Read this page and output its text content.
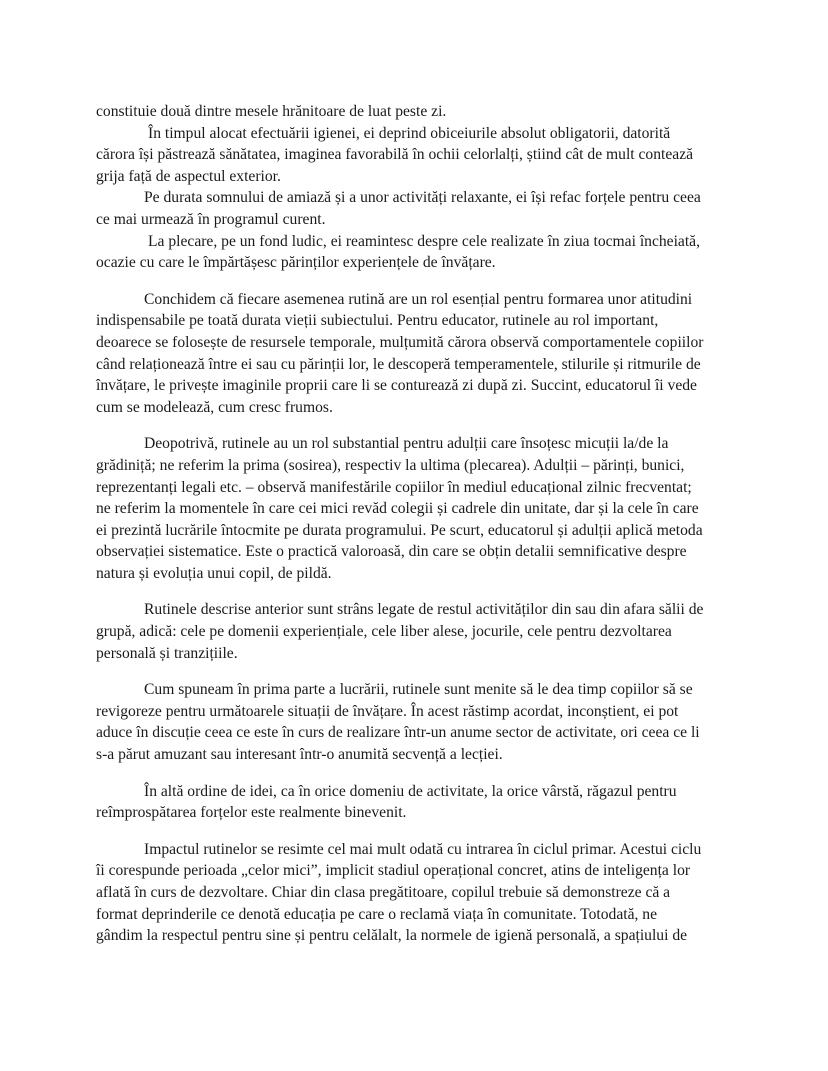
constituie două dintre mesele hrănitoare de luat peste zi.

În timpul alocat efectuării igienei, ei deprind obiceiurile absolut obligatorii, datorită
cărora își păstrează sănătatea, imaginea favorabilă în ochii celorlalți, știind cât de mult contează
grija față de aspectul exterior.

Pe durata somnului de amiază și a unor activități relaxante, ei își refac forțele pentru ceea
ce mai urmează în programul curent.

La plecare, pe un fond ludic, ei reamintesc despre cele realizate în ziua tocmai încheiată,
ocazie cu care le împărtășesc părinților experiențele de învățare.

Conchidem că fiecare asemenea rutină are un rol esențial pentru formarea unor atitudini
indispensabile pe toată durata vieții subiectului. Pentru educator, rutinele au rol important,
deoarece se folosește de resursele temporale, mulțumită cărora observă comportamentele copiilor
când relaționează între ei sau cu părinții lor, le descoperă temperamentele, stilurile și ritmurile de
învățare, le privește imaginile proprii care li se conturează zi după zi. Succint, educatorul îi vede
cum se modelează, cum cresc frumos.

Deopotrivă, rutinele au un rol substantial pentru adulții care însoțesc micuții la/de la
grădiniță; ne referim la prima (sosirea), respectiv la ultima (plecarea). Adulții – părinți, bunici,
reprezentanți legali etc. – observă manifestările copiilor în mediul educațional zilnic frecventat;
ne referim la momentele în care cei mici revăd colegii și cadrele din unitate, dar și la cele în care
ei prezintă lucrările întocmite pe durata programului. Pe scurt, educatorul și adulții aplică metoda
observației sistematice. Este o practică valoroasă, din care se obțin detalii semnificative despre
natura și evoluția unui copil, de pildă.

Rutinele descrise anterior sunt strâns legate de restul activităților din sau din afara sălii de
grupă, adică: cele pe domenii experiențiale, cele liber alese, jocurile, cele pentru dezvoltarea
personală și tranzițiile.

Cum spuneam în prima parte a lucrării, rutinele sunt menite să le dea timp copiilor să se
revigoreze pentru următoarele situații de învățare. În acest răstimp acordat, inconștient, ei pot
aduce în discuție ceea ce este în curs de realizare într-un anume sector de activitate, ori ceea ce li
s-a părut amuzant sau interesant într-o anumită secvență a lecției.

În altă ordine de idei, ca în orice domeniu de activitate, la orice vârstă, răgazul pentru
reîmprospătarea forțelor este realmente binevenit.

Impactul rutinelor se resimte cel mai mult odată cu intrarea în ciclul primar. Acestui ciclu
îi corespunde perioada „celor mici”, implicit stadiul operațional concret, atins de inteligența lor
aflată în curs de dezvoltare. Chiar din clasa pregătitoare, copilul trebuie să demonstreze că a
format deprinderile ce denotă educația pe care o reclamă viața în comunitate. Totodată, ne
gândim la respectul pentru sine și pentru celălalt, la normele de igienă personală, a spațiului de
